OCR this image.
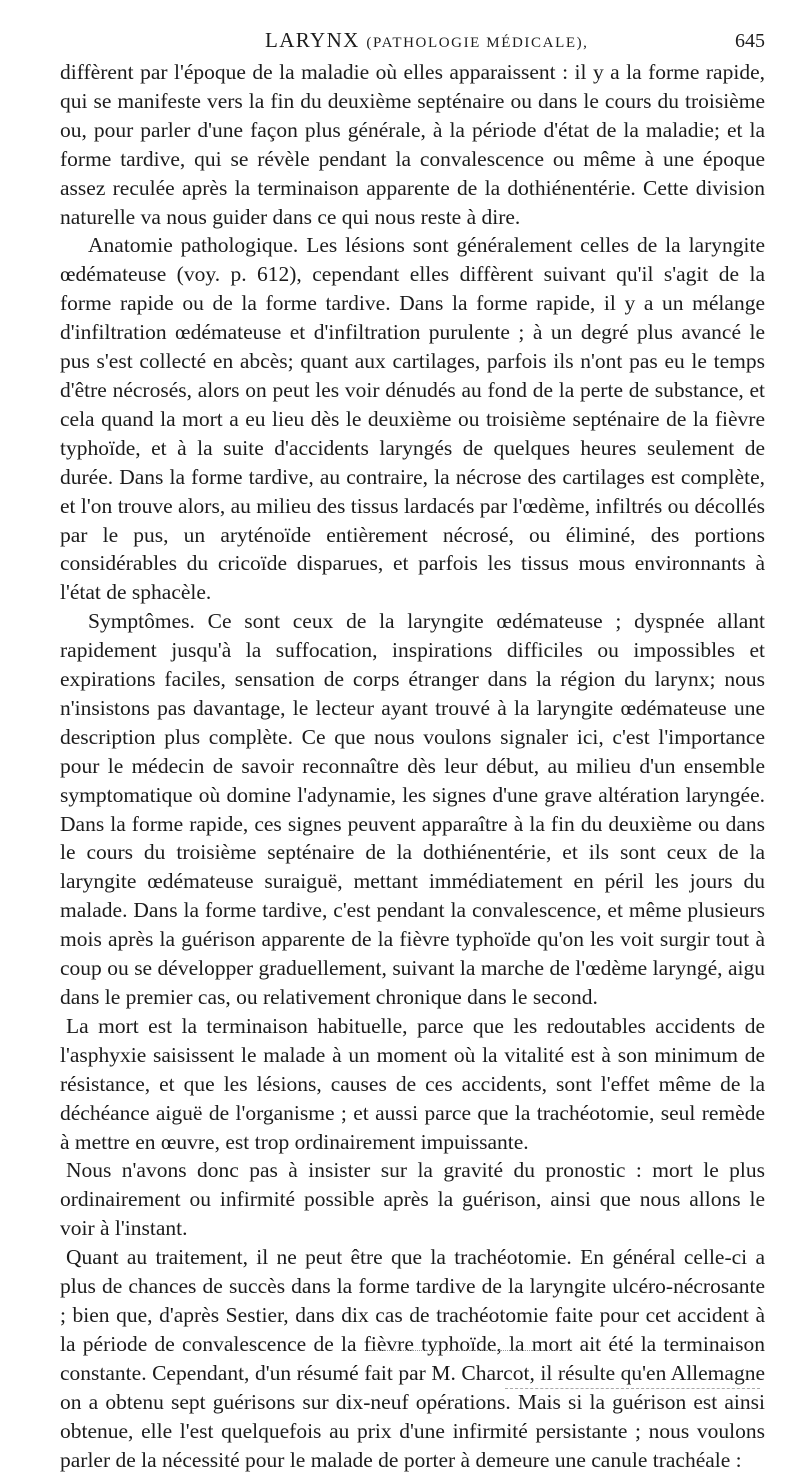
LARYNX (PATHOLOGIE MÉDICALE),	645

diffèrent par l'époque de la maladie où elles apparaissent : il y a la forme rapide, qui se manifeste vers la fin du deuxième septénaire ou dans le cours du troisième ou, pour parler d'une façon plus générale, à la période d'état de la maladie; et la forme tardive, qui se révèle pendant la convalescence ou même à une époque assez reculée après la terminaison apparente de la dothiénentérie. Cette division naturelle va nous guider dans ce qui nous reste à dire.

Anatomie pathologique. Les lésions sont généralement celles de la laryngite œdémateuse (voy. p. 612), cependant elles diffèrent suivant qu'il s'agit de la forme rapide ou de la forme tardive. Dans la forme rapide, il y a un mélange d'infiltration œdémateuse et d'infiltration purulente ; à un degré plus avancé le pus s'est collecté en abcès; quant aux cartilages, parfois ils n'ont pas eu le temps d'être nécrosés, alors on peut les voir dénudés au fond de la perte de substance, et cela quand la mort a eu lieu dès le deuxième ou troisième septénaire de la fièvre typhoïde, et à la suite d'accidents laryngés de quelques heures seulement de durée. Dans la forme tardive, au contraire, la nécrose des cartilages est complète, et l'on trouve alors, au milieu des tissus lardacés par l'œdème, infiltrés ou décollés par le pus, un aryténoïde entièrement nécrosé, ou éliminé, des portions considérables du cricoïde disparues, et parfois les tissus mous environnants à l'état de sphacèle.

Symptômes. Ce sont ceux de la laryngite œdémateuse ; dyspnée allant rapidement jusqu'à la suffocation, inspirations difficiles ou impossibles et expirations faciles, sensation de corps étranger dans la région du larynx; nous n'insistons pas davantage, le lecteur ayant trouvé à la laryngite œdémateuse une description plus complète. Ce que nous voulons signaler ici, c'est l'importance pour le médecin de savoir reconnaître dès leur début, au milieu d'un ensemble symptomatique où domine l'adynamie, les signes d'une grave altération laryngée. Dans la forme rapide, ces signes peuvent apparaître à la fin du deuxième ou dans le cours du troisième septénaire de la dothiénentérie, et ils sont ceux de la laryngite œdémateuse suraiguë, mettant immédiatement en péril les jours du malade. Dans la forme tardive, c'est pendant la convalescence, et même plusieurs mois après la guérison apparente de la fièvre typhoïde qu'on les voit surgir tout à coup ou se développer graduellement, suivant la marche de l'œdème laryngé, aigu dans le premier cas, ou relativement chronique dans le second.

La mort est la terminaison habituelle, parce que les redoutables accidents de l'asphyxie saisissent le malade à un moment où la vitalité est à son minimum de résistance, et que les lésions, causes de ces accidents, sont l'effet même de la déchéance aiguë de l'organisme ; et aussi parce que la trachéotomie, seul remède à mettre en œuvre, est trop ordinairement impuissante.

Nous n'avons donc pas à insister sur la gravité du pronostic : mort le plus ordinairement ou infirmité possible après la guérison, ainsi que nous allons le voir à l'instant.

Quant au traitement, il ne peut être que la trachéotomie. En général celle-ci a plus de chances de succès dans la forme tardive de la laryngite ulcéro-nécrosante ; bien que, d'après Sestier, dans dix cas de trachéotomie faite pour cet accident à la période de convalescence de la fièvre typhoïde, la mort ait été la terminaison constante. Cependant, d'un résumé fait par M. Charcot, il résulte qu'en Allemagne on a obtenu sept guérisons sur dix-neuf opérations. Mais si la guérison est ainsi obtenue, elle l'est quelquefois au prix d'une infirmité persistante ; nous voulons parler de la nécessité pour le malade de porter à demeure une canule trachéale :
